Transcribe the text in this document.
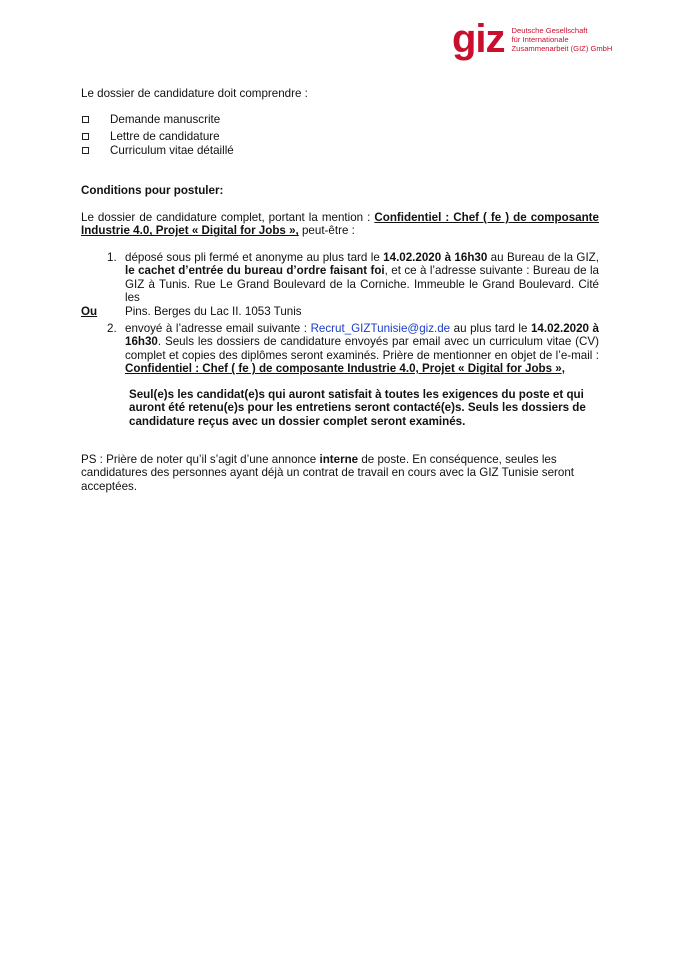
giz Deutsche Gesellschaft
für Internationale
Zusammenarbeit (GIZ) GmbH
Le dossier de candidature doit comprendre :
Demande manuscrite
Lettre de candidature
Curriculum vitae détaillé
Conditions pour postuler:

Le dossier de candidature complet, portant la mention : Confidentiel : Chef ( fe ) de composante

Industrie 4.0, Projet « Digital for Jobs », peut-être :

1. déposé sous pli fermé et anonyme au plus tard le 14.02.2020 à 16h30 au Bureau de la GIZ,

le cachet d’entrée du bureau d’ordre faisant foi, et ce à l’adresse suivante : Bureau de la

GIZ à Tunis. Rue Le Grand Boulevard de la Corniche. Immeuble le Grand Boulevard. Cité les

Pins. Berges du Lac II. 1053 Tunis

Ou
2. envoyé à l’adresse email suivante : Recrut_GIZTunisie@giz.de au plus tard le 14.02.2020 à

16h30. Seuls les dossiers de candidature envoyés par email avec un curriculum vitae (CV)

complet et copies des diplômes seront examinés. Prière de mentionner en objet de l’e-mail :

Confidentiel : Chef ( fe ) de composante Industrie 4.0, Projet « Digital for Jobs »,

Seul(e)s les candidat(e)s qui auront satisfait à toutes les exigences du poste et qui

auront été retenu(e)s pour les entretiens seront contacté(e)s. Seuls les dossiers de

candidature reçus avec un dossier complet seront examinés.

PS : Prière de noter qu’il s’agit d’une annonce interne de poste. En conséquence, seules les

candidatures des personnes ayant déjà un contrat de travail en cours avec la GIZ Tunisie seront

acceptées.
